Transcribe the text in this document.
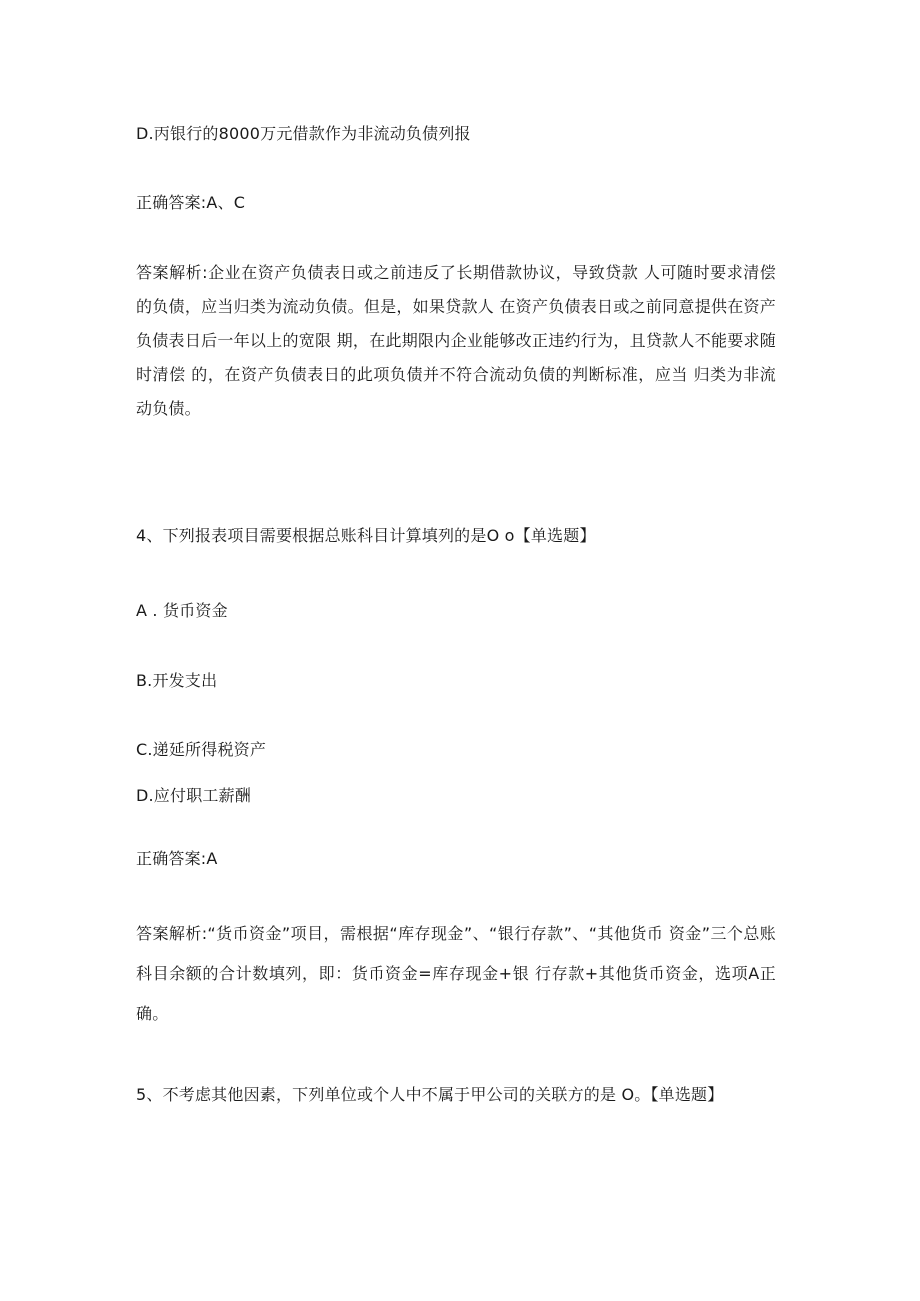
D.丙银行的8000万元借款作为非流动负债列报
正确答案:A、C
答案解析:企业在资产负债表日或之前违反了长期借款协议，导致贷款 人可随时要求清偿的负债，应当归类为流动负债。但是，如果贷款人 在资产负债表日或之前同意提供在资产负债表日后一年以上的宽限 期，在此期限内企业能够改正违约行为，且贷款人不能要求随时清偿 的，在资产负债表日的此项负债并不符合流动负债的判断标准，应当 归类为非流动负债。
4、下列报表项目需要根据总账科目计算填列的是O o【单选题】
A . 货币资金
B.开发支出
C.递延所得税资产
D.应付职工薪酬
正确答案:A
答案解析:“货币资金”项目，需根据“库存现金”、“银行存款”、“其他货币 资金”三个总账科目余额的合计数填列，即：货币资金=库存现金+银 行存款+其他货币资金，选项A正确。
5、不考虑其他因素，下列单位或个人中不属于甲公司的关联方的是 O。【单选题】
